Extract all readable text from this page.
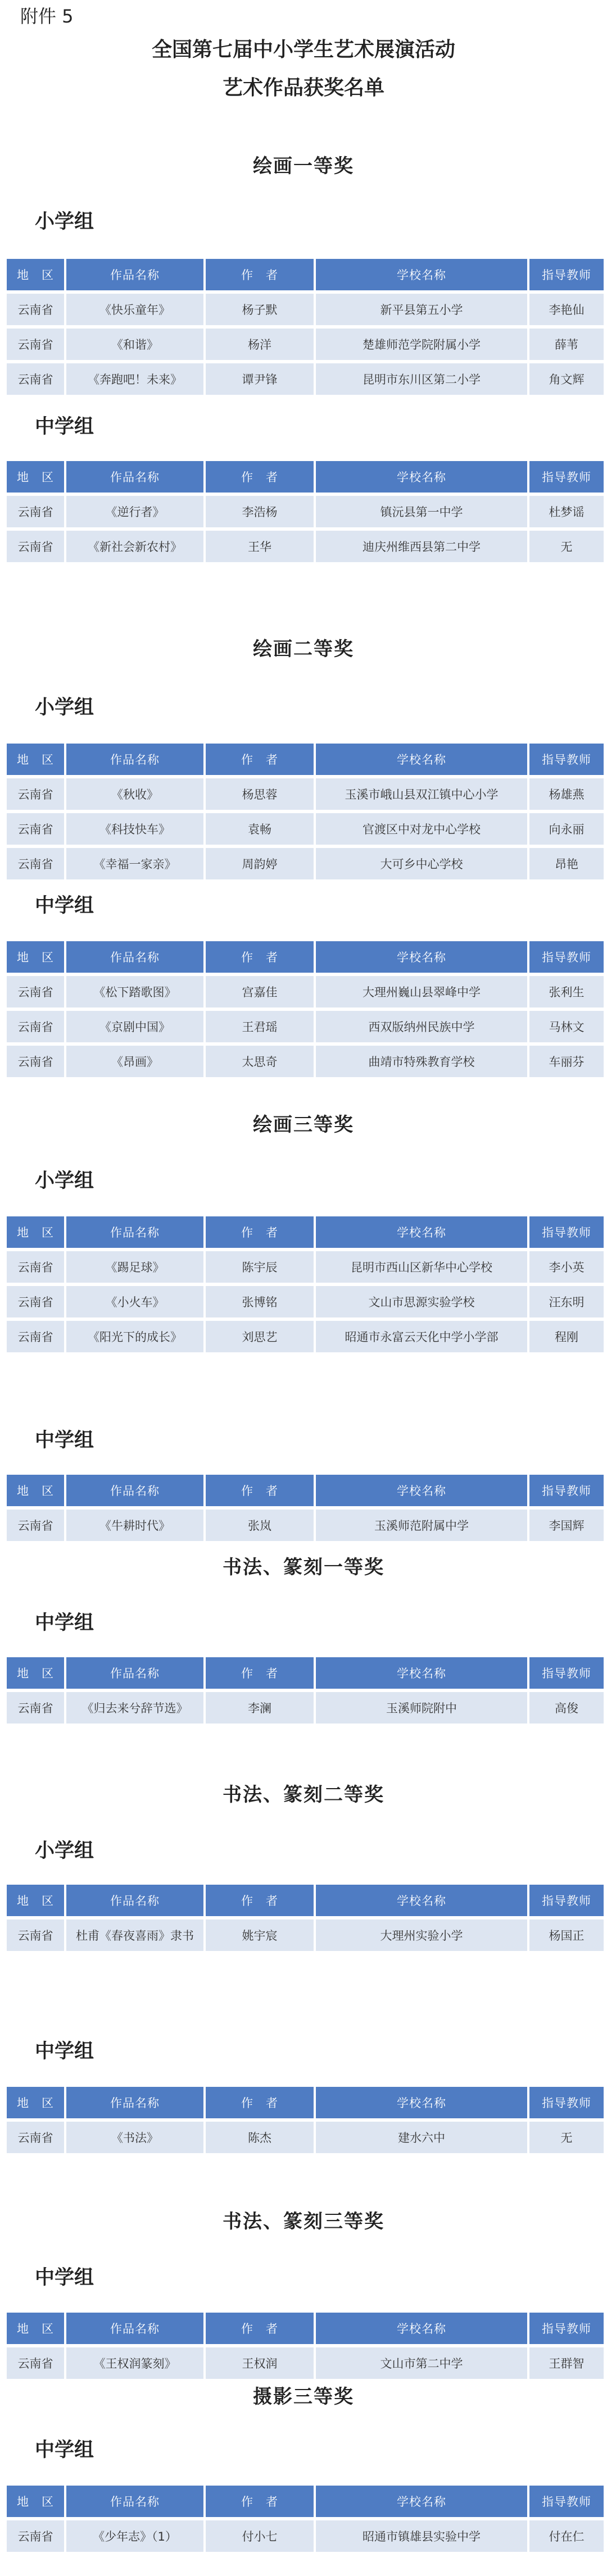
附件 5
全国第七届中小学生艺术展演活动
艺术作品获奖名单
绘画一等奖
小学组
地　区	作品名称	作　者	学校名称	指导教师
云南省	《快乐童年》	杨子默	新平县第五小学	李艳仙
云南省	《和谐》	杨洋	楚雄师范学院附属小学	薛苇
云南省	《奔跑吧！未来》	谭尹锋	昆明市东川区第二小学	角文辉
中学组
地　区	作品名称	作　者	学校名称	指导教师
云南省	《逆行者》	李浩杨	镇沅县第一中学	杜梦谣
云南省	《新社会新农村》	王华	迪庆州维西县第二中学	无
绘画二等奖
小学组
地　区	作品名称	作　者	学校名称	指导教师
云南省	《秋收》	杨思蓉	玉溪市峨山县双江镇中心小学	杨雄燕
云南省	《科技快车》	袁畅	官渡区中对龙中心学校	向永丽
云南省	《幸福一家亲》	周韵婷	大可乡中心学校	昂艳
中学组
地　区	作品名称	作　者	学校名称	指导教师
云南省	《松下踏歌图》	宫嘉佳	大理州巍山县翠峰中学	张利生
云南省	《京剧中国》	王君瑶	西双版纳州民族中学	马林文
云南省	《昂画》	太思奇	曲靖市特殊教育学校	车丽芬
绘画三等奖
小学组
地　区	作品名称	作　者	学校名称	指导教师
云南省	《踢足球》	陈宇辰	昆明市西山区新华中心学校	李小英
云南省	《小火车》	张博铭	文山市思源实验学校	汪东明
云南省	《阳光下的成长》	刘思艺	昭通市永富云天化中学小学部	程刚
中学组
地　区	作品名称	作　者	学校名称	指导教师
云南省	《牛耕时代》	张岚	玉溪师范附属中学	李国辉
书法、篆刻一等奖
中学组
地　区	作品名称	作　者	学校名称	指导教师
云南省	《归去来兮辞节选》	李澜	玉溪师院附中	高俊
书法、篆刻二等奖
小学组
地　区	作品名称	作　者	学校名称	指导教师
云南省	杜甫《春夜喜雨》隶书	姚宇宸	大理州实验小学	杨国正
中学组
地　区	作品名称	作　者	学校名称	指导教师
云南省	《书法》	陈杰	建水六中	无
书法、篆刻三等奖
中学组
地　区	作品名称	作　者	学校名称	指导教师
云南省	《王权润篆刻》	王权润	文山市第二中学	王群智
摄影三等奖
中学组
地　区	作品名称	作　者	学校名称	指导教师
云南省	《少年志》（1）	付小七	昭通市镇雄县实验中学	付在仁
